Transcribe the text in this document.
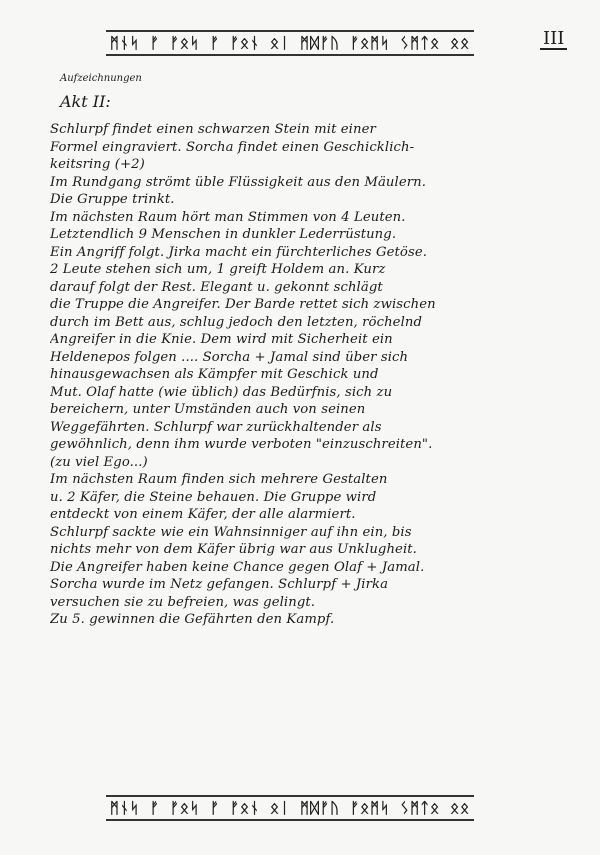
ᛗᚾᛋ ᚠ ᚠᛟᛋ ᚠ ᚠᛟᚾ ᛟᛁ ᛗᛞᚠᚢ ᚠᛟᛗᛋ ᛊᛗᛏᛟ ᛟᛟ	III
Aufzeichnungen
Akt II:
Schlurpf findet einen schwarzen Stein mit einer
Formel eingraviert. Sorcha findet einen Geschicklich-
keitsring (+2)
Im Rundgang strömt üble Flüssigkeit aus den Mäulern.
Die Gruppe trinkt.
Im nächsten Raum hört man Stimmen von 4 Leuten.
Letztendlich 9 Menschen in dunkler Lederrüstung.
Ein Angriff folgt. Jirka macht ein fürchterliches Getöse.
2 Leute stehen sich um, 1 greift Holdem an. Kurz
darauf folgt der Rest. Elegant u. gekonnt schlägt
die Truppe die Angreifer. Der Barde rettet sich zwischen
durch im Bett aus, schlug jedoch den letzten, röchelnd
Angreifer in die Knie. Dem wird mit Sicherheit ein
Heldenepos folgen .... Sorcha + Jamal sind über sich
hinausgewachsen als Kämpfer mit Geschick und
Mut. Olaf hatte (wie üblich) das Bedürfnis, sich zu
bereichern, unter Umständen auch von seinen
Weggefährten. Schlurpf war zurückhaltender als
gewöhnlich, denn ihm wurde verboten "einzuschreiten".
(zu viel Ego...)
Im nächsten Raum finden sich mehrere Gestalten
u. 2 Käfer, die Steine behauen. Die Gruppe wird
entdeckt von einem Käfer, der alle alarmiert.
Schlurpf sackte wie ein Wahnsinniger auf ihn ein, bis
nichts mehr von dem Käfer übrig war aus Unklugheit.
Die Angreifer haben keine Chance gegen Olaf + Jamal.
Sorcha wurde im Netz gefangen. Schlurpf + Jirka
versuchen sie zu befreien, was gelingt.
Zu 5. gewinnen die Gefährten den Kampf.
ᛗᚾᛋ ᚠ ᚠᛟᛋ ᚠ ᚠᛟᚾ ᛟᛁ ᛗᛞᚠᚢ ᚠᛟᛗᛋ ᛊᛗᛏᛟ ᛟᛟ
